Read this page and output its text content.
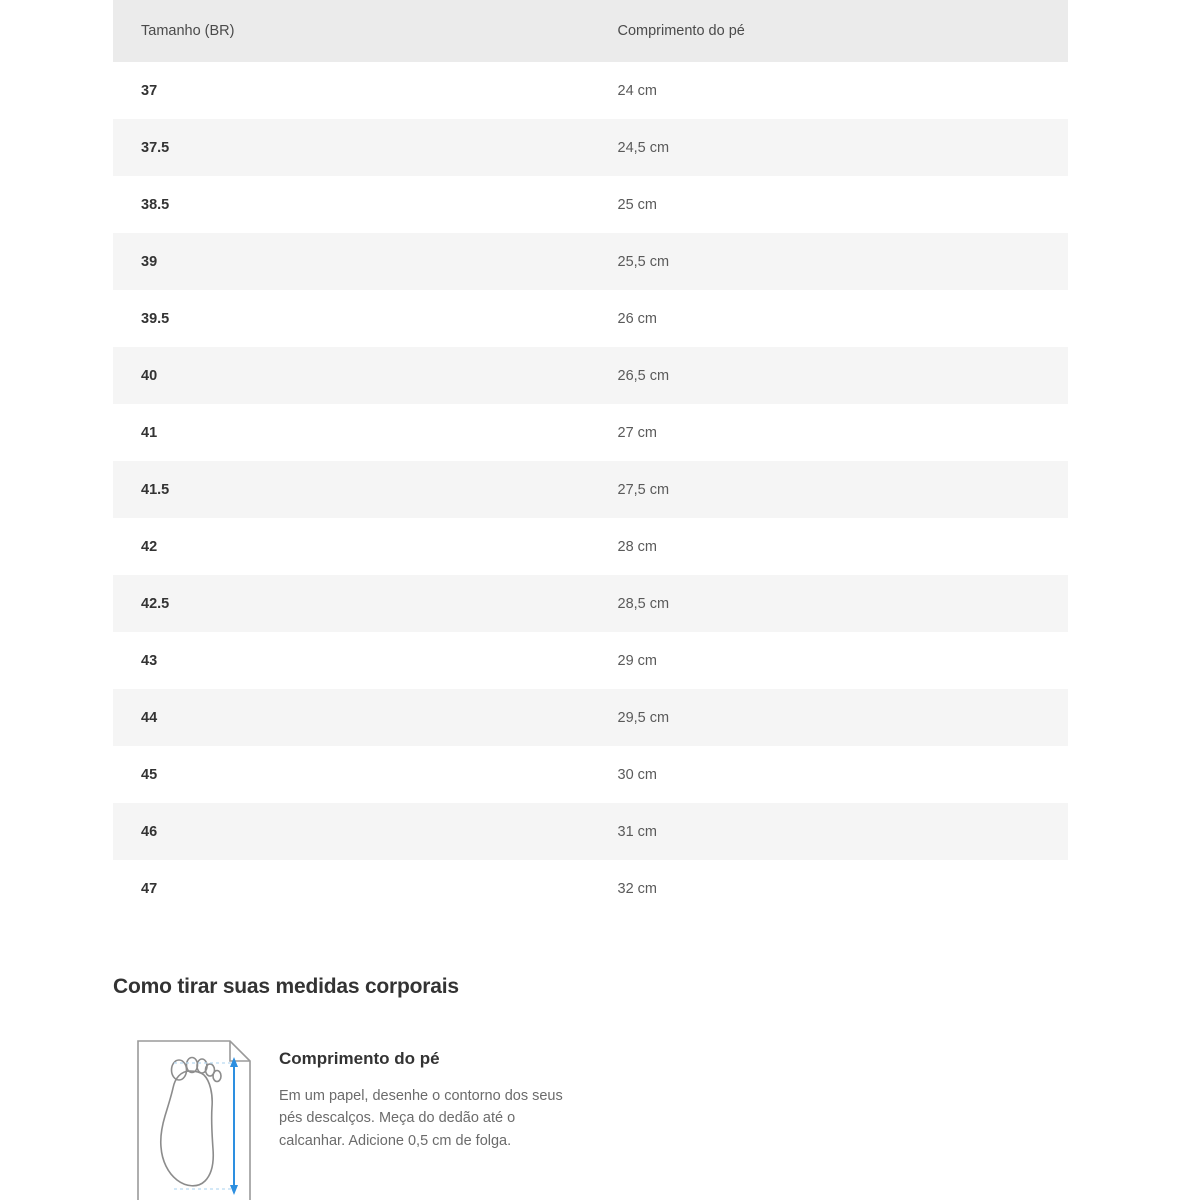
Tamanho (BR)	Comprimento do pé
37	24 cm
37.5	24,5 cm
38.5	25 cm
39	25,5 cm
39.5	26 cm
40	26,5 cm
41	27 cm
41.5	27,5 cm
42	28 cm
42.5	28,5 cm
43	29 cm
44	29,5 cm
45	30 cm
46	31 cm
47	32 cm
Como tirar suas medidas corporais
Comprimento do pé

Em um papel, desenhe o contorno dos seus pés descalços. Meça do dedão até o calcanhar. Adicione 0,5 cm de folga.
